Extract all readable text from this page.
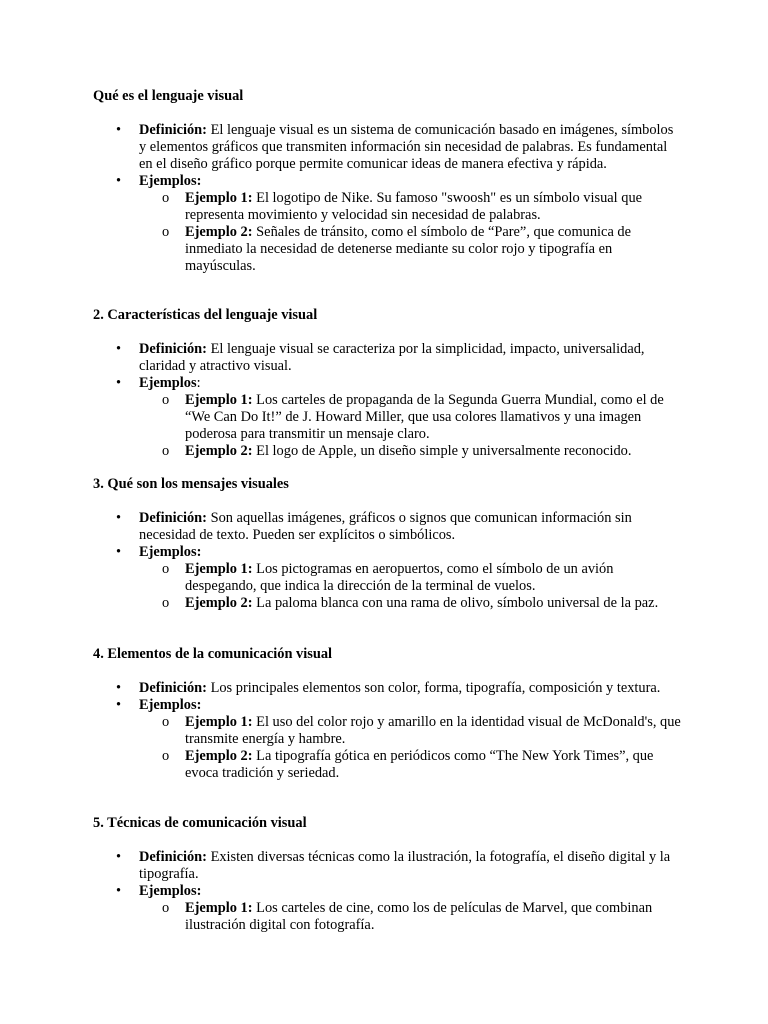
Qué es el lenguaje visual

• Definición: El lenguaje visual es un sistema de comunicación basado en imágenes, símbolos y elementos gráficos que transmiten información sin necesidad de palabras. Es fundamental en el diseño gráfico porque permite comunicar ideas de manera efectiva y rápida.
• Ejemplos:
o Ejemplo 1: El logotipo de Nike. Su famoso "swoosh" es un símbolo visual que representa movimiento y velocidad sin necesidad de palabras.
o Ejemplo 2: Señales de tránsito, como el símbolo de “Pare”, que comunica de inmediato la necesidad de detenerse mediante su color rojo y tipografía en mayúsculas.

2. Características del lenguaje visual

• Definición: El lenguaje visual se caracteriza por la simplicidad, impacto, universalidad, claridad y atractivo visual.
• Ejemplos:
o Ejemplo 1: Los carteles de propaganda de la Segunda Guerra Mundial, como el de “We Can Do It!” de J. Howard Miller, que usa colores llamativos y una imagen poderosa para transmitir un mensaje claro.
o Ejemplo 2: El logo de Apple, un diseño simple y universalmente reconocido.

3. Qué son los mensajes visuales

• Definición: Son aquellas imágenes, gráficos o signos que comunican información sin necesidad de texto. Pueden ser explícitos o simbólicos.
• Ejemplos:
o Ejemplo 1: Los pictogramas en aeropuertos, como el símbolo de un avión despegando, que indica la dirección de la terminal de vuelos.
o Ejemplo 2: La paloma blanca con una rama de olivo, símbolo universal de la paz.

4. Elementos de la comunicación visual

• Definición: Los principales elementos son color, forma, tipografía, composición y textura.
• Ejemplos:
o Ejemplo 1: El uso del color rojo y amarillo en la identidad visual de McDonald's, que transmite energía y hambre.
o Ejemplo 2: La tipografía gótica en periódicos como “The New York Times”, que evoca tradición y seriedad.

5. Técnicas de comunicación visual

• Definición: Existen diversas técnicas como la ilustración, la fotografía, el diseño digital y la tipografía.
• Ejemplos:
o Ejemplo 1: Los carteles de cine, como los de películas de Marvel, que combinan ilustración digital con fotografía.
